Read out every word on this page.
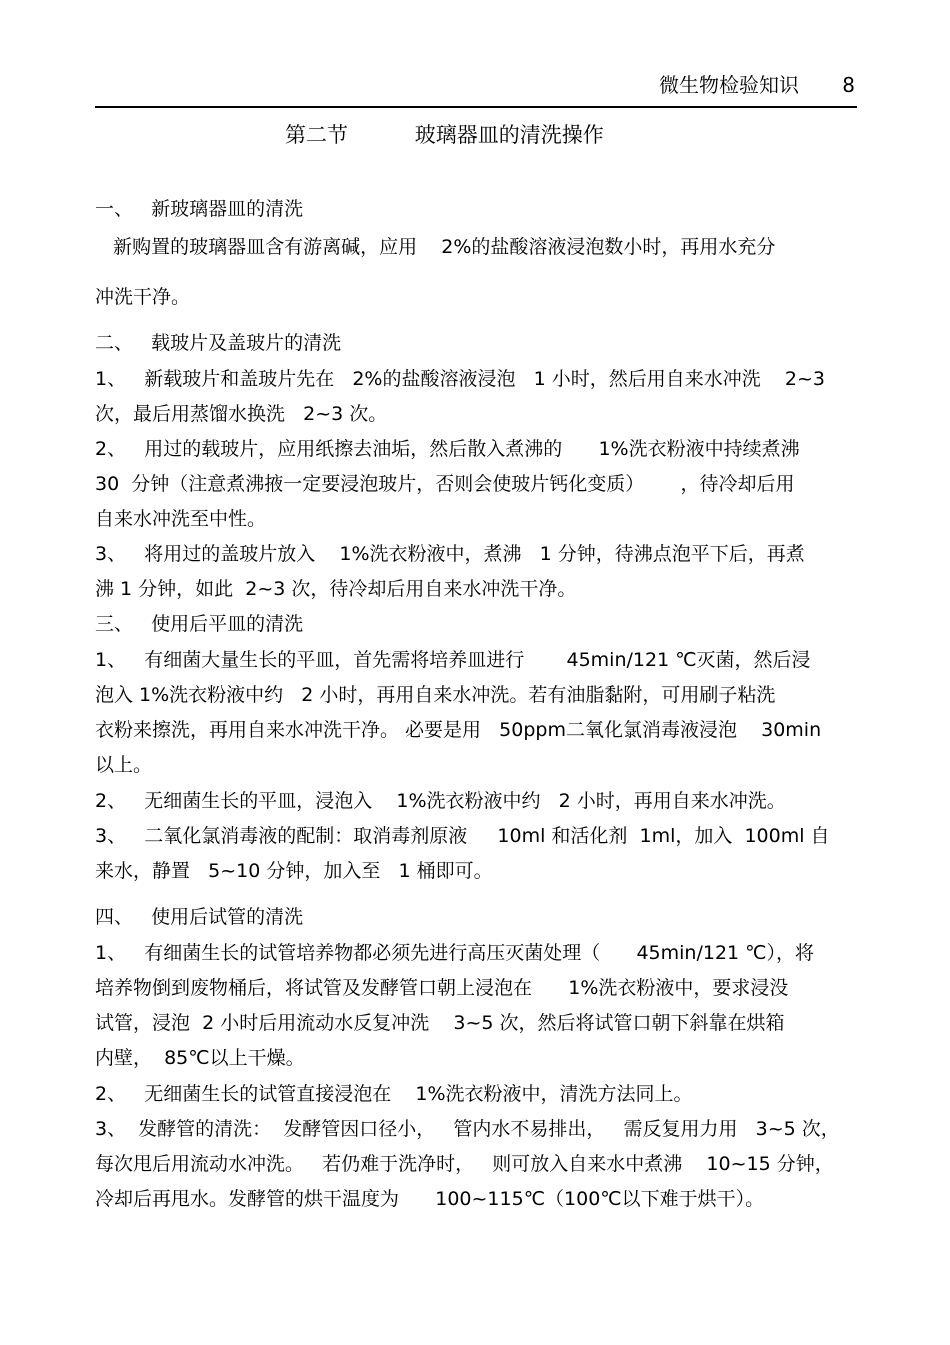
微生物检验知识 8
第二节          玻璃器皿的清洗操作
一、   新玻璃器皿的清洗
新购置的玻璃器皿含有游离碱，应用    2%的盐酸溶液浸泡数小时，再用水充分
冲洗干净。
二、   载玻片及盖玻片的清洗
1、   新载玻片和盖玻片先在   2%的盐酸溶液浸泡   1 小时，然后用自来水冲洗    2~3
次，最后用蒸馏水换洗   2~3 次。
2、   用过的载玻片，应用纸擦去油垢，然后散入煮沸的      1%洗衣粉液中持续煮沸
30  分钟（注意煮沸掖一定要浸泡玻片，否则会使玻片钙化变质）      ，待冷却后用
自来水冲洗至中性。
3、   将用过的盖玻片放入    1%洗衣粉液中，煮沸   1 分钟，待沸点泡平下后，再煮
沸 1 分钟，如此  2~3 次，待冷却后用自来水冲洗干净。
三、   使用后平皿的清洗
1、   有细菌大量生长的平皿，首先需将培养皿进行       45min/121 ℃灭菌，然后浸
泡入 1%洗衣粉液中约   2 小时，再用自来水冲洗。若有油脂黏附，可用刷子粘洗
衣粉来擦洗，再用自来水冲洗干净。 必要是用   50ppm二氧化氯消毒液浸泡    30min
以上。
2、   无细菌生长的平皿，浸泡入    1%洗衣粉液中约   2 小时，再用自来水冲洗。
3、   二氧化氯消毒液的配制：取消毒剂原液     10ml 和活化剂  1ml，加入  100ml 自
来水，静置   5~10 分钟，加入至   1 桶即可。
四、   使用后试管的清洗
1、   有细菌生长的试管培养物都必须先进行高压灭菌处理（      45min/121 ℃），将
培养物倒到废物桶后，将试管及发酵管口朝上浸泡在      1%洗衣粉液中，要求浸没
试管，浸泡  2 小时后用流动水反复冲洗    3~5 次，然后将试管口朝下斜靠在烘箱
内壁，  85℃以上干燥。
2、   无细菌生长的试管直接浸泡在    1%洗衣粉液中，清洗方法同上。
3、  发酵管的清洗：  发酵管因口径小，   管内水不易排出，   需反复用力用   3~5 次，
每次甩后用流动水冲洗。   若仍难于洗净时，   则可放入自来水中煮沸    10~15 分钟，
冷却后再甩水。发酵管的烘干温度为      100~115℃（100℃以下难于烘干）。
